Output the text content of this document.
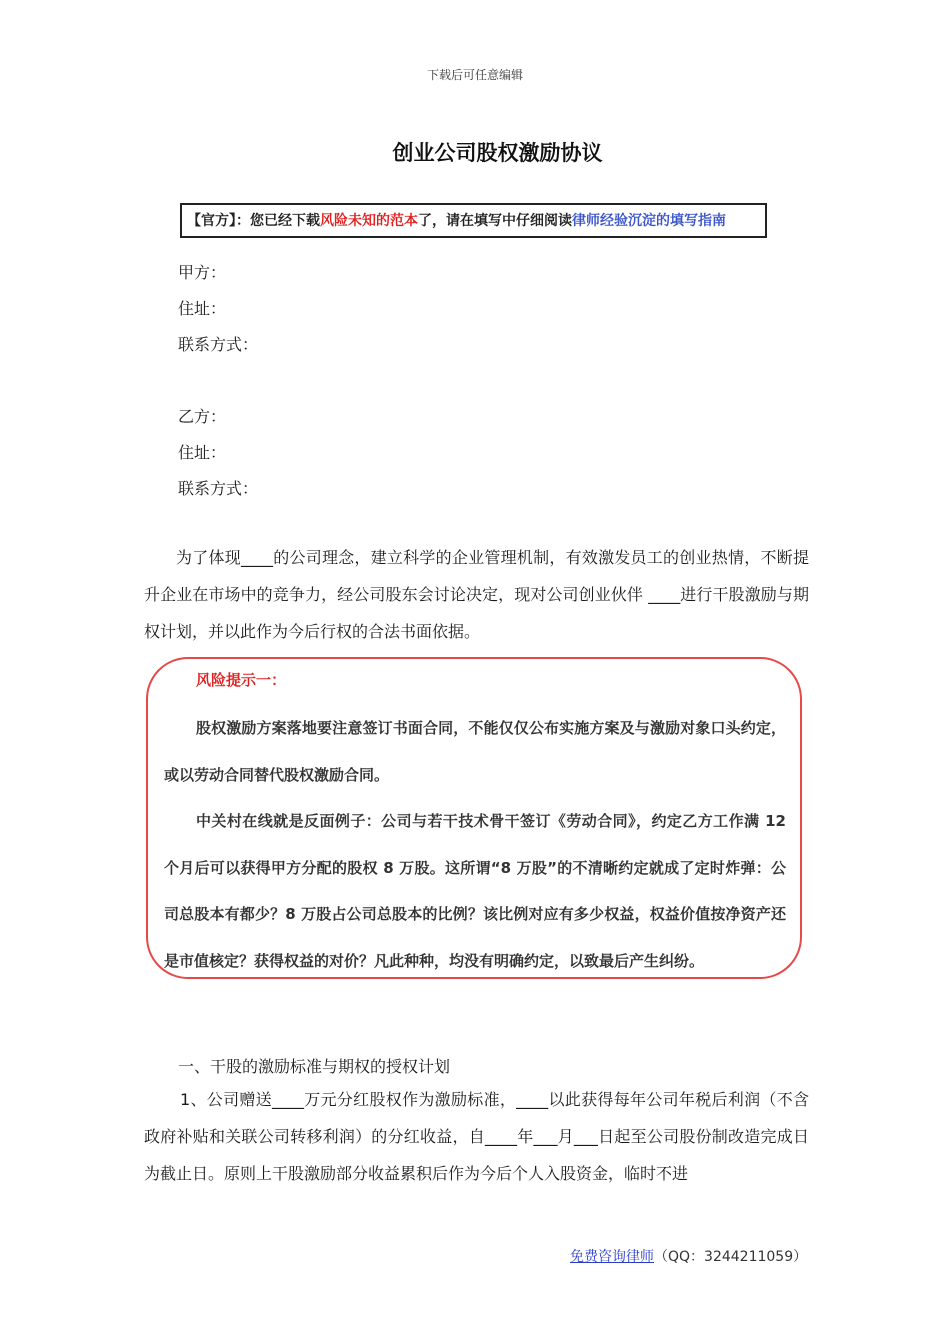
下载后可任意编辑
创业公司股权激励协议
【官方】：您已经下载风险未知的范本了，请在填写中仔细阅读律师经验沉淀的填写指南
甲方：
住址：
联系方式：
乙方：
住址：
联系方式：

为了体现____的公司理念，建立科学的企业管理机制，有效激发员工的创业热情，不断提升企业在市场中的竞争力，经公司股东会讨论决定，现对公司创业伙伴 ____进行干股激励与期权计划，并以此作为今后行权的合法书面依据。

风险提示一：

股权激励方案落地要注意签订书面合同，不能仅仅公布实施方案及与激励对象口头约定，或以劳动合同替代股权激励合同。

中关村在线就是反面例子：公司与若干技术骨干签订《劳动合同》，约定乙方工作满 12 个月后可以获得甲方分配的股权 8 万股。这所谓“8 万股”的不清晰约定就成了定时炸弹：公司总股本有都少？8 万股占公司总股本的比例？该比例对应有多少权益，权益价值按净资产还是市值核定？获得权益的对价？凡此种种，均没有明确约定，以致最后产生纠纷。

一、干股的激励标准与期权的授权计划

1、公司赠送____万元分红股权作为激励标准，____以此获得每年公司年税后利润（不含政府补贴和关联公司转移利润）的分红收益，自____年___月___日起至公司股份制改造完成日为截止日。原则上干股激励部分收益累积后作为今后个人入股资金，临时不进

免费咨询律师（QQ：3244211059）
